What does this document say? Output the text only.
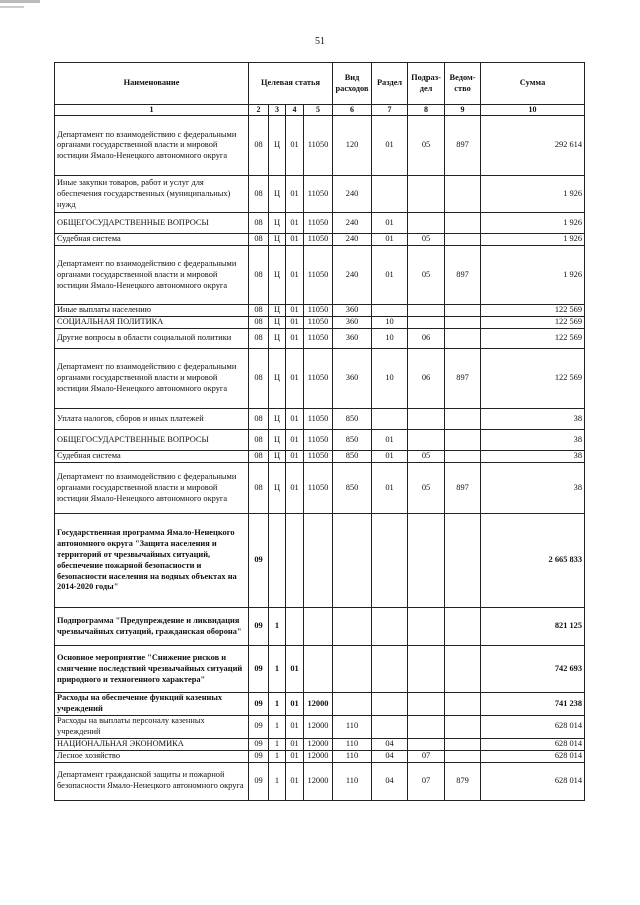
51
Наименование	Целевая статья				Вид расходов	Раздел	Подраз-дел	Ведом-ство	Сумма
1	2	3	4	5	6	7	8	9	10
Департамент по взаимодействию с федеральными органами государственной власти и мировой юстиции Ямало-Ненецкого автономного округа	08	Ц	01	11050	120	01	05	897	292 614
Иные закупки товаров, работ и услуг для обеспечения государственных (муниципальных) нужд	08	Ц	01	11050	240				1 926
ОБЩЕГОСУДАРСТВЕННЫЕ ВОПРОСЫ	08	Ц	01	11050	240	01			1 926
Судебная система	08	Ц	01	11050	240	01	05		1 926
Департамент по взаимодействию с федеральными органами государственной власти и мировой юстиции Ямало-Ненецкого автономного округа	08	Ц	01	11050	240	01	05	897	1 926
Иные выплаты населению	08	Ц	01	11050	360				122 569
СОЦИАЛЬНАЯ ПОЛИТИКА	08	Ц	01	11050	360	10			122 569
Другие вопросы в области социальной политики	08	Ц	01	11050	360	10	06		122 569
Департамент по взаимодействию с федеральными органами государственной власти и мировой юстиции Ямало-Ненецкого автономного округа	08	Ц	01	11050	360	10	06	897	122 569
Уплата налогов, сборов и иных платежей	08	Ц	01	11050	850				38
ОБЩЕГОСУДАРСТВЕННЫЕ ВОПРОСЫ	08	Ц	01	11050	850	01			38
Судебная система	08	Ц	01	11050	850	01	05		38
Департамент по взаимодействию с федеральными органами государственной власти и мировой юстиции Ямало-Ненецкого автономного округа	08	Ц	01	11050	850	01	05	897	38
Государственная программа Ямало-Ненецкого автономного округа "Защита населения и территорий от чрезвычайных ситуаций, обеспечение пожарной безопасности и безопасности населения на водных объектах на 2014-2020 годы"	09								2 665 833
Подпрограмма "Предупреждение и ликвидация чрезвычайных ситуаций, гражданская оборона"	09	1							821 125
Основное мероприятие "Снижение рисков и смягчение последствий чрезвычайных ситуаций природного и техногенного характера"	09	1	01						742 693
Расходы на обеспечение функций казенных учреждений	09	1	01	12000					741 238
Расходы на выплаты персоналу казенных учреждений	09	1	01	12000	110				628 014
НАЦИОНАЛЬНАЯ ЭКОНОМИКА	09	1	01	12000	110	04			628 014
Лесное хозяйство	09	1	01	12000	110	04	07		628 014
Департамент гражданской защиты и пожарной безопасности Ямало-Ненецкого автономного округа	09	1	01	12000	110	04	07	879	628 014
